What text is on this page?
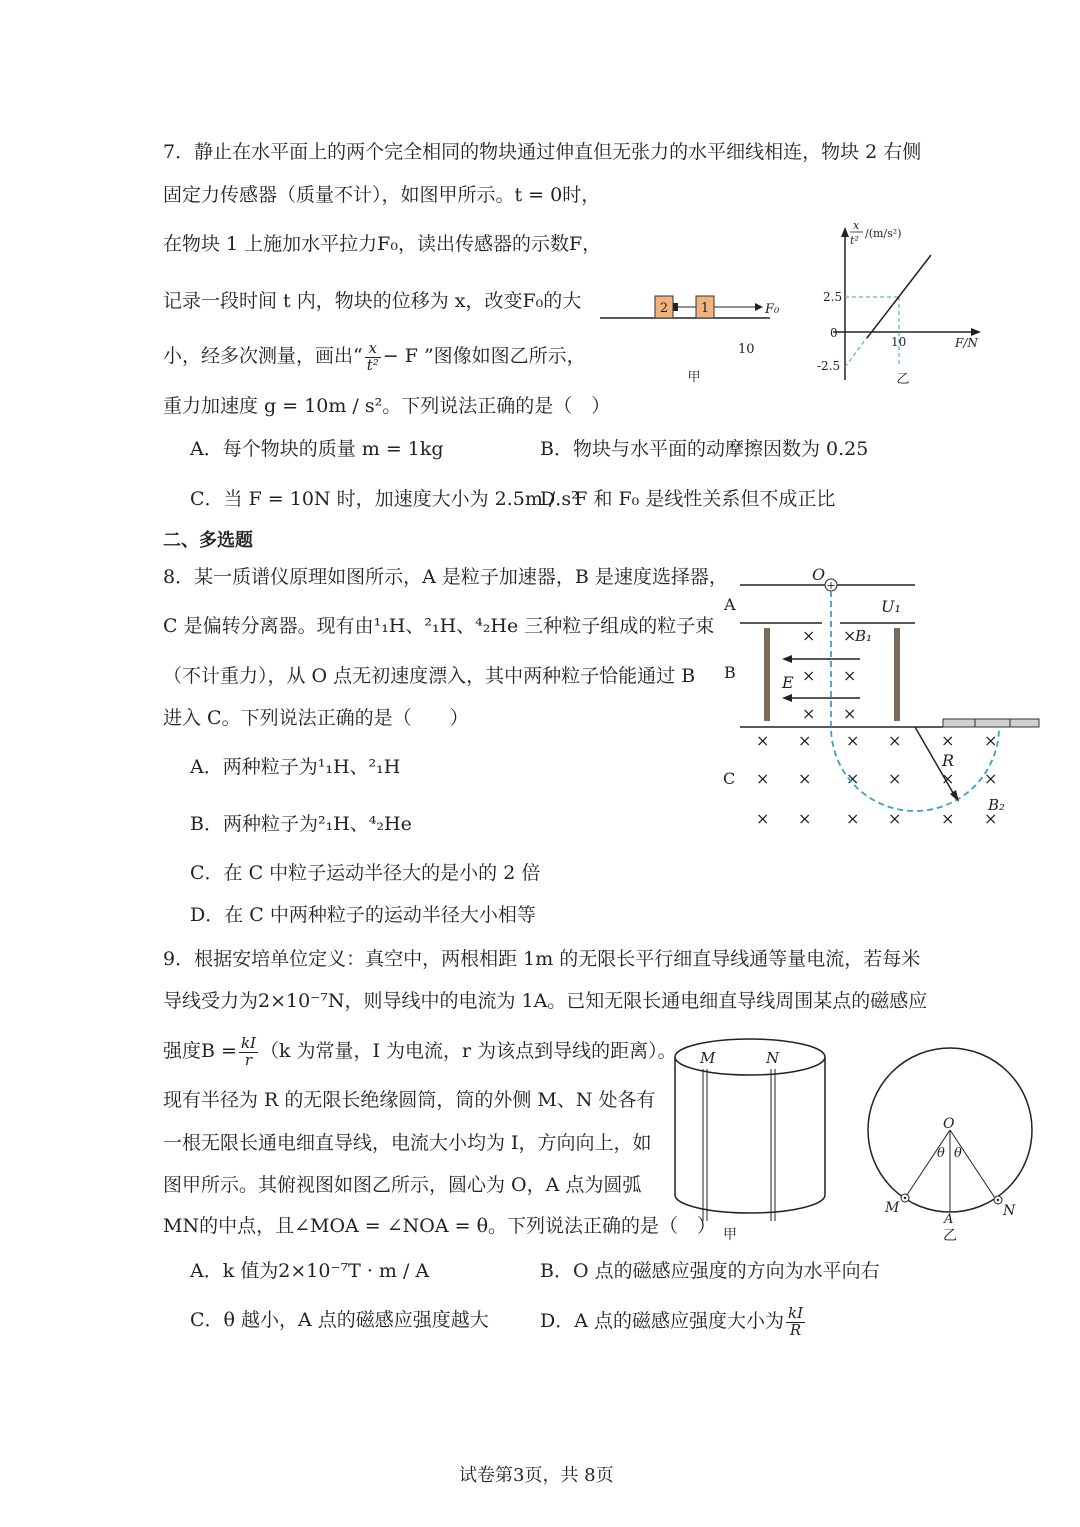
7．静止在水平面上的两个完全相同的物块通过伸直但无张力的水平细线相连，物块 2 右侧
固定力传感器（质量不计），如图甲所示。t = 0时，
在物块 1 上施加水平拉力F₀，读出传感器的示数F，
记录一段时间 t 内，物块的位移为 x，改变F₀的大
小，经多次测量，画出“ $\frac{x}{\text{t²}} - F$ ”图像如图乙所示，
重力加速度 g = 10m / s²。下列说法正确的是（　）
A．每个物块的质量 m = 1kg	B．物块与水平面的动摩擦因数为 0.25
C．当 F = 10N 时，加速度大小为 2.5m / s²
D．F 和 F₀ 是线性关系但不成正比
2	1	F₀
10
甲
x
t²
/(m/s²)
F/N
0
2.5
-2.5
10
乙
二、多选题
8．某一质谱仪原理如图所示，A 是粒子加速器，B 是速度选择器，
C 是偏转分离器。现有由¹₁H、²₁H、⁴₂He 三种粒子组成的粒子束
（不计重力），从 O 点无初速度漂入，其中两种粒子恰能通过 B
进入 C。下列说法正确的是（　　）
A．两种粒子为¹₁H、²₁H
B．两种粒子为²₁H、⁴₂He
C．在 C 中粒子运动半径大的是小的 2 倍
D．在 C 中两种粒子的运动半径大小相等
+
O
A	U₁
B
E
B₁
× ×
× ×
× ×
C
× × × × × ×
× × × × × ×
× × × × × ×
R
B₂
9．根据安培单位定义：真空中，两根相距 1m 的无限长平行细直导线通等量电流，若每米
导线受力为2×10⁻⁷N，则导线中的电流为 1A。已知无限长通电细直导线周围某点的磁感应
强度$B = \frac{kI}{r} (k$ 为常量，I 为电流，r 为该点到导线的距离）。
现有半径为 R 的无限长绝缘圆筒，筒的外侧 M、N 处各有
一根无限长通电细直导线，电流大小均为 I，方向向上，如
图甲所示。其俯视图如图乙所示，圆心为 O，A 点为圆弧
MN的中点，且∠MOA = ∠NOA = θ。下列说法正确的是（　）
A．k 值为2×10⁻⁷T · m / A	B．O 点的磁感应强度的方向为水平向右
C．θ 越小，A 点的磁感应强度越大	D．A 点的磁感应强度大小为 $\frac{kI}{R}$
M	N
甲
O
θ θ
M	N
A
乙
试卷第3页，共 8页
